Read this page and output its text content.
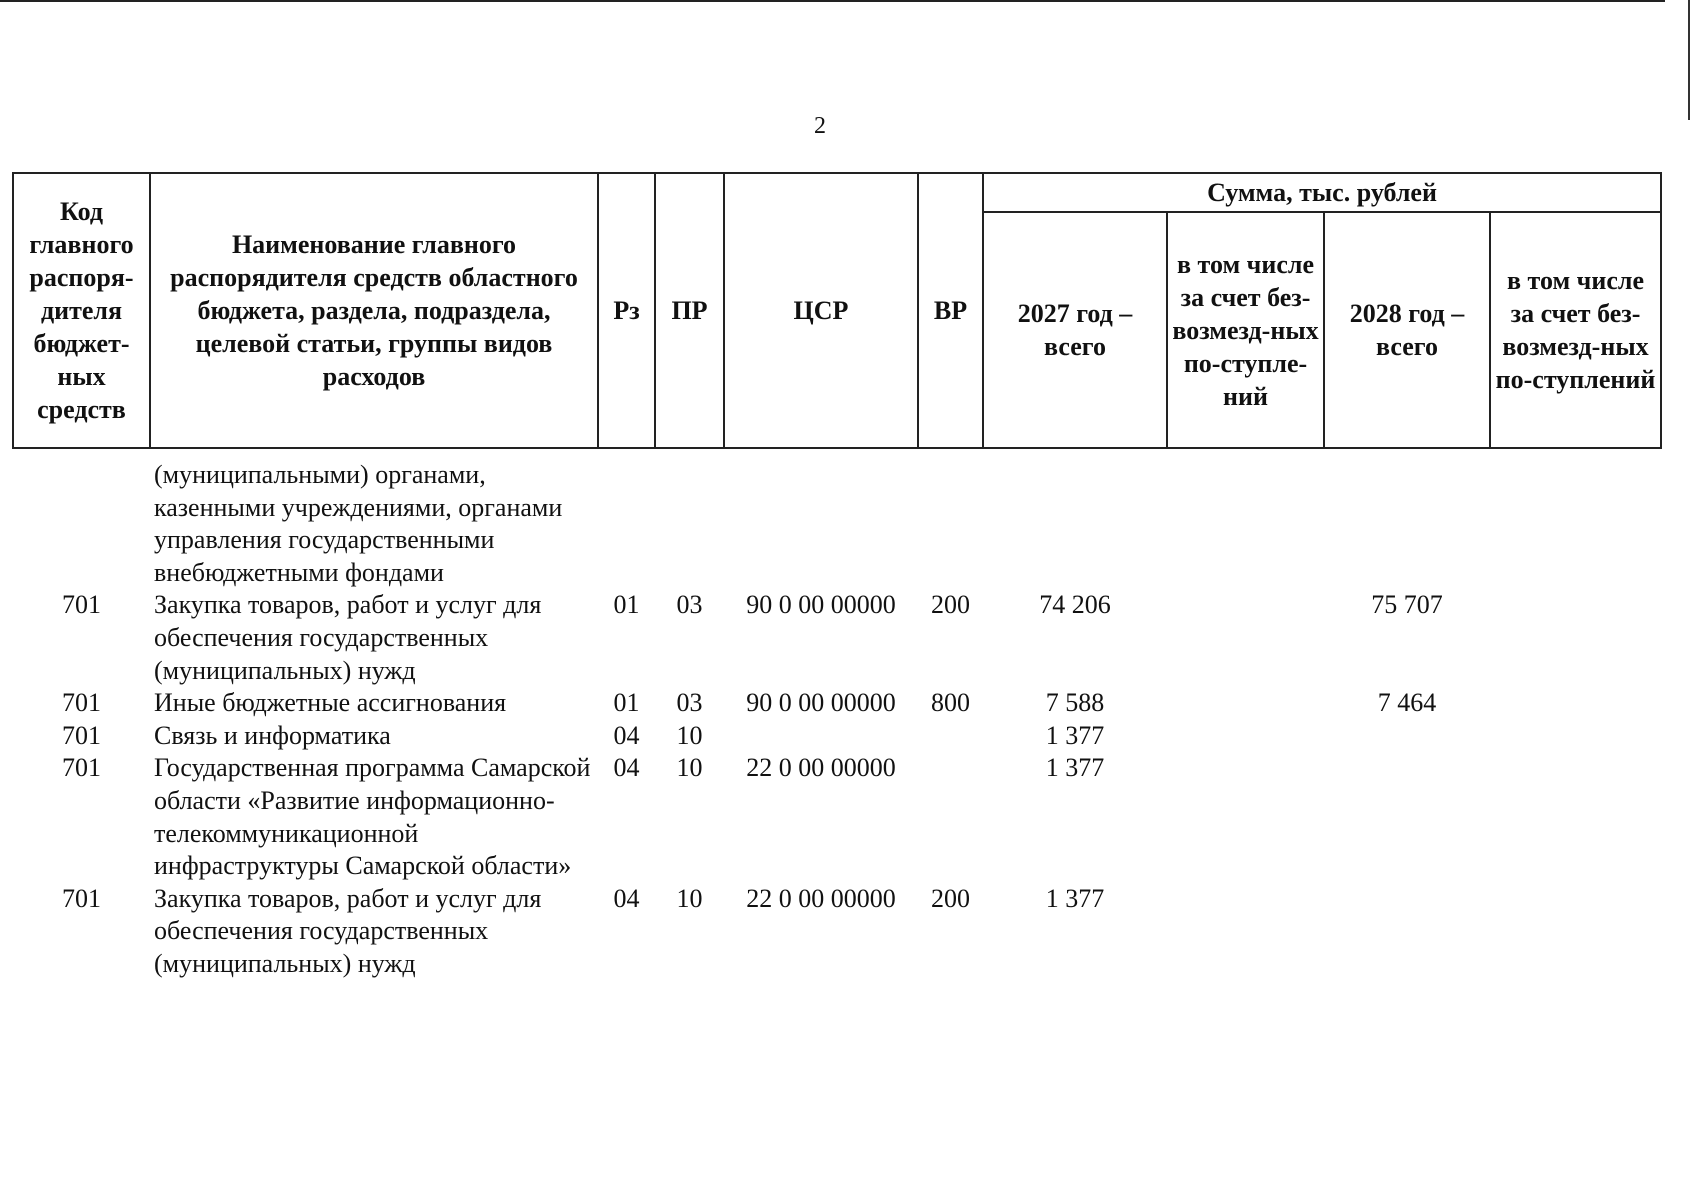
2
Код главного распоря-дителя бюджет-ных средств	Наименование главного распорядителя средств областного бюджета, раздела, подраздела, целевой статьи, группы видов расходов	Рз	ПР	ЦСР	ВР	Сумма, тыс. рублей			
						2027 год – всего	в том числе за счет без-возмезд-ных по-ступле-ний	2028 год – всего	в том числе за счет без-возмезд-ных по-ступлений

	(муниципальными) органами, казенными учреждениями, органами управления государственными внебюджетными фондами								
701	Закупка товаров, работ и услуг для обеспечения государственных (муниципальных) нужд	01	03	90 0 00 00000	200	74 206		75 707	
701	Иные бюджетные ассигнования	01	03	90 0 00 00000	800	7 588		7 464	
701	Связь и информатика	04	10			1 377			
701	Государственная программа Самарской области «Развитие информационно-телекоммуникационной инфраструктуры Самарской области»	04	10	22 0 00 00000		1 377			
701	Закупка товаров, работ и услуг для обеспечения государственных (муниципальных) нужд	04	10	22 0 00 00000	200	1 377			
